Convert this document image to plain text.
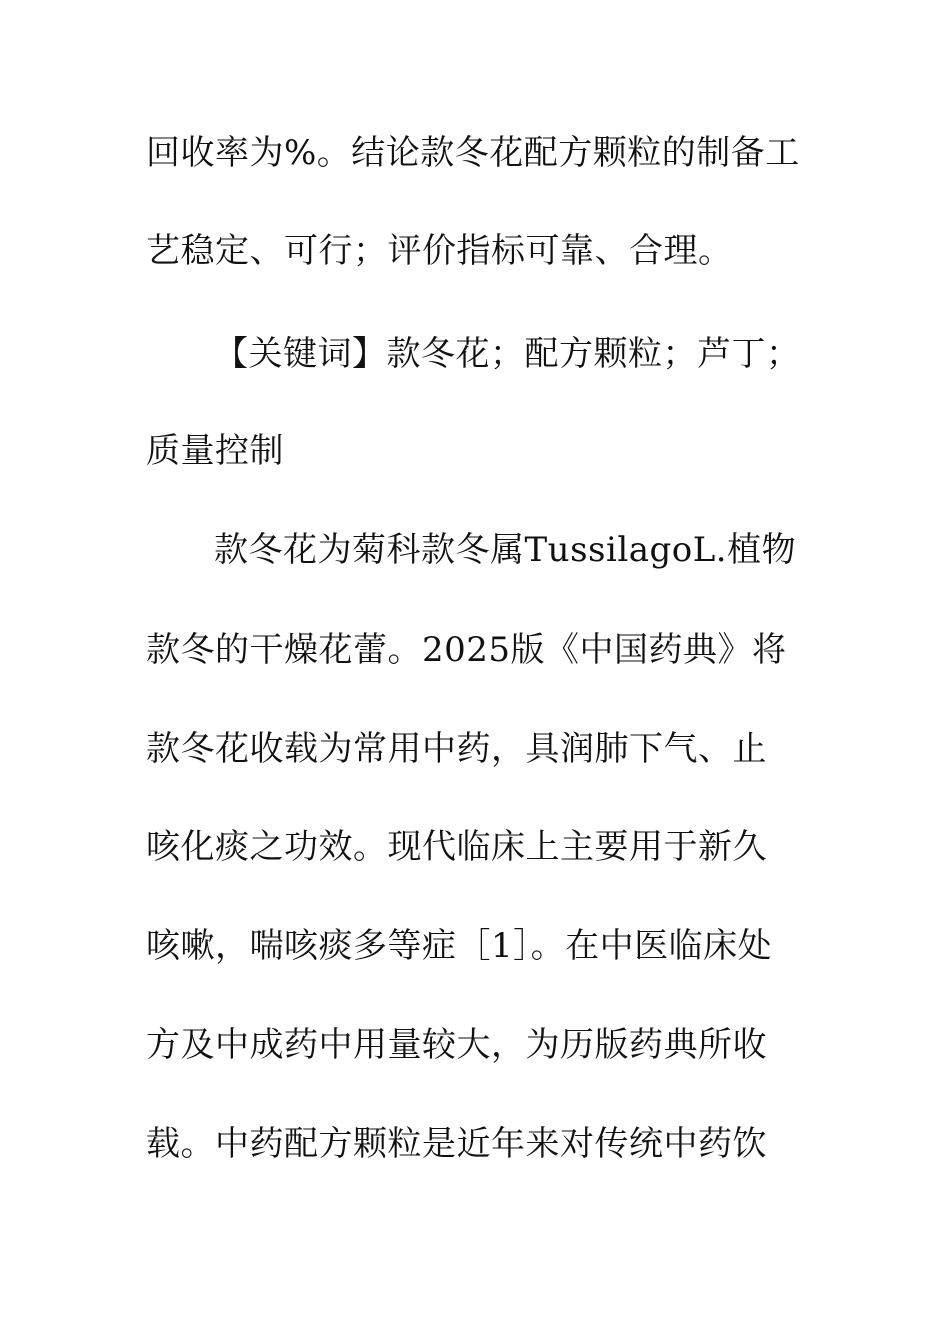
回收率为%。结论款冬花配方颗粒的制备工
艺稳定、可行；评价指标可靠、合理。
【关键词】款冬花；配方颗粒；芦丁；
质量控制
款冬花为菊科款冬属TussilagoL.植物
款冬的干燥花蕾。2025版《中国药典》将
款冬花收载为常用中药，具润肺下气、止
咳化痰之功效。现代临床上主要用于新久
咳嗽，喘咳痰多等症［1］。在中医临床处
方及中成药中用量较大，为历版药典所收
载。中药配方颗粒是近年来对传统中药饮
